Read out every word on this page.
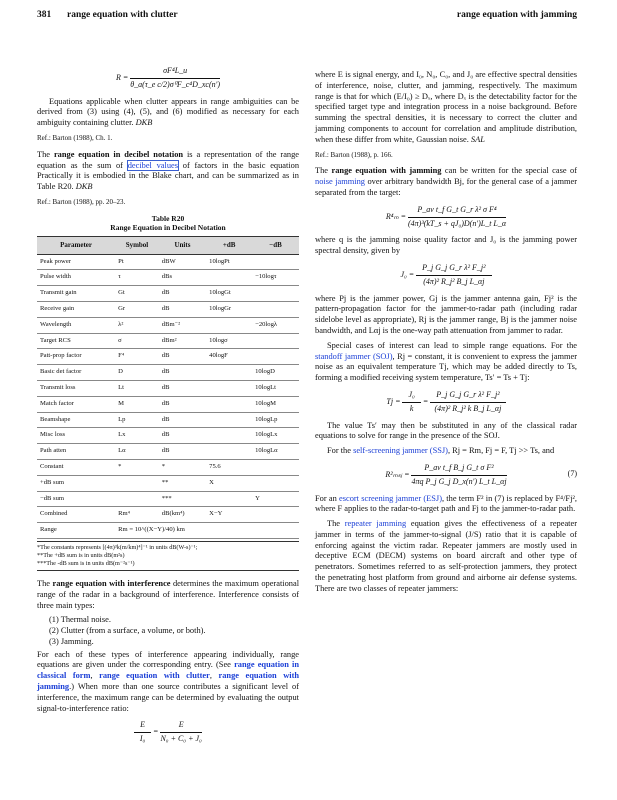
381 range equation with clutter	range equation with jamming
$R = \frac{\text{σF⁴L\_u}}{\text{θ\_a(τ\_e c/2)σ⁰F\_c⁴D\_xc(n′)}}$

Equations applicable when clutter appears in range ambiguities can be derived from (3) using (4), (5), and (6) modified as necessary for each ambiguity containing clutter. DKB

Ref.: Barton (1988), Ch. 1.

The range equation in decibel notation is a representation of the range equation as the sum of decibel values of factors in the basic equation Practically it is embodied in the Blake chart, and can be summarized as in Table R20. DKB

Ref.: Barton (1988), pp. 20–23.

Table R20
Range Equation in Decibel Notation
Parameter	Symbol	Units	+dB	−dB
Peak power	Pt	dBW	10logPt	
Pulse width	τ	dBs		−10logτ
Transmit gain	Gt	dB	10logGt	
Receive gain	Gr	dB	10logGr	
Wavelength	λ²	dBm⁻²		−20logλ
Target RCS	σ	dBm²	10logσ	
Patt-prop factor	F⁴	dB	40logF	
Basic det factor	D	dB		10logD
Transmit loss	Lt	dB		10logLt
Match factor	M	dB		10logM
Beamshape	Lp	dB		10logLp
Misc loss	Lx	dB		10logLx
Path atten	Lα	dB		10logLα
Constant	*	*	75.6	
+dB sum		**	X	
−dB sum		***		Y
Combined	Rm⁴	dB(km⁴)	X−Y	
Range	Rm = 10^((X−Y)/40) km			
*The constants represents [(4π)³k(m/km)⁴]⁻¹ in units dB(W-s)⁻¹;
**The +dB sum is in units dB(m²s)
***The -dB sum is in units dB(m⁻²s⁻¹)

The range equation with interference determines the maximum operational range of the radar in a background of interference. Interference consists of three main types:

(1) Thermal noise.
(2) Clutter (from a surface, a volume, or both).
(3) Jamming.

For each of these types of interference appearing individually, range equations are given under the corresponding entry. (See range equation in classical form, range equation with clutter, range equation with jamming.) When more than one source contributes a significant level of interference, the maximum range can be determined by evaluating the output signal-to-interference ratio:

$\frac{E}{\text{I₀}} = \frac{E}{\text{N₀ + C₀ + J₀}}$

where E is signal energy, and I₀, N₀, C₀, and J₀ are effective spectral densities of interference, noise, clutter, and jamming, respectively. The maximum range is that for which (E/I₀) ≥ Dₓ, where Dₓ is the detectability factor for the specified target type and integration process in a noise background. Before summing the spectral densities, it is necessary to correct the clutter and jamming components to account for correlation and amplitude distribution, when these differ from white, Gaussian noise. SAL

Ref.: Barton (1988), p. 166.

The range equation with jamming can be written for the special case of noise jamming over arbitrary bandwidth Bj, for the general case of a jammer separated from the target:

$R^4_m = \frac{\text{P\_av t\_f G\_t G\_r λ² σ F⁴}}{\text{(4π)³(kT\_s + qJ₀)D(n′)L\_t L\_α}}$

where q is the jamming noise quality factor and J₀ is the jamming power spectral density, given by

$J_0 = \frac{\text{P\_j G\_j G\_r λ² F\_j²}}{\text{(4π)² R\_j² B\_j L\_αj}}$

where Pj is the jammer power, Gj is the jammer antenna gain, Fj² is the pattern-propagation factor for the jammer-to-radar path (including radar sidelobe level as appropriate), Rj is the jammer range, Bj is the jammer noise bandwidth, and Lαj is the one-way path attenuation from jammer to radar.

Special cases of interest can lead to simple range equations. For the standoff jammer (SOJ), Rj = constant, it is convenient to express the jammer noise as an equivalent temperature Tj, which may be added directly to Ts, forming a modified receiving system temperature, Ts′ = Ts + Tj:

$Tj = \frac{\text{J₀}}{k} = \frac{\text{P\_j G\_j G\_r λ² F\_j²}}{\text{(4π)² R\_j² k B\_j L\_αj}}$

The value Ts′ may then be substituted in any of the classical radar equations to solve for range in the presence of the SOJ.

For the self-screening jammer (SSJ), Rj = Rm, Fj = F, Tj >> Ts, and

R²ₘₛⱼ = $\frac{\text{P\_av t\_f B\_j G\_t σ F²}}{\text{4πq P\_j G\_j D\_x(n′) L\_t L\_αj}}$	(7)

For an escort screening jammer (ESJ), the term F² in (7) is replaced by F⁴/Fj², where F applies to the radar-to-target path and Fj to the jammer-to-radar path.

The repeater jamming equation gives the effectiveness of a repeater jammer in terms of the jammer-to-signal (J/S) ratio that it is capable of enforcing against the victim radar. Repeater jammers are mostly used in deceptive ECM (DECM) systems on board aircraft and other type of penetrators. Sometimes referred to as self-protection jammers, they protect the penetrating host platform from ground and airborne air defense systems. There are two classes of repeater jammers:
